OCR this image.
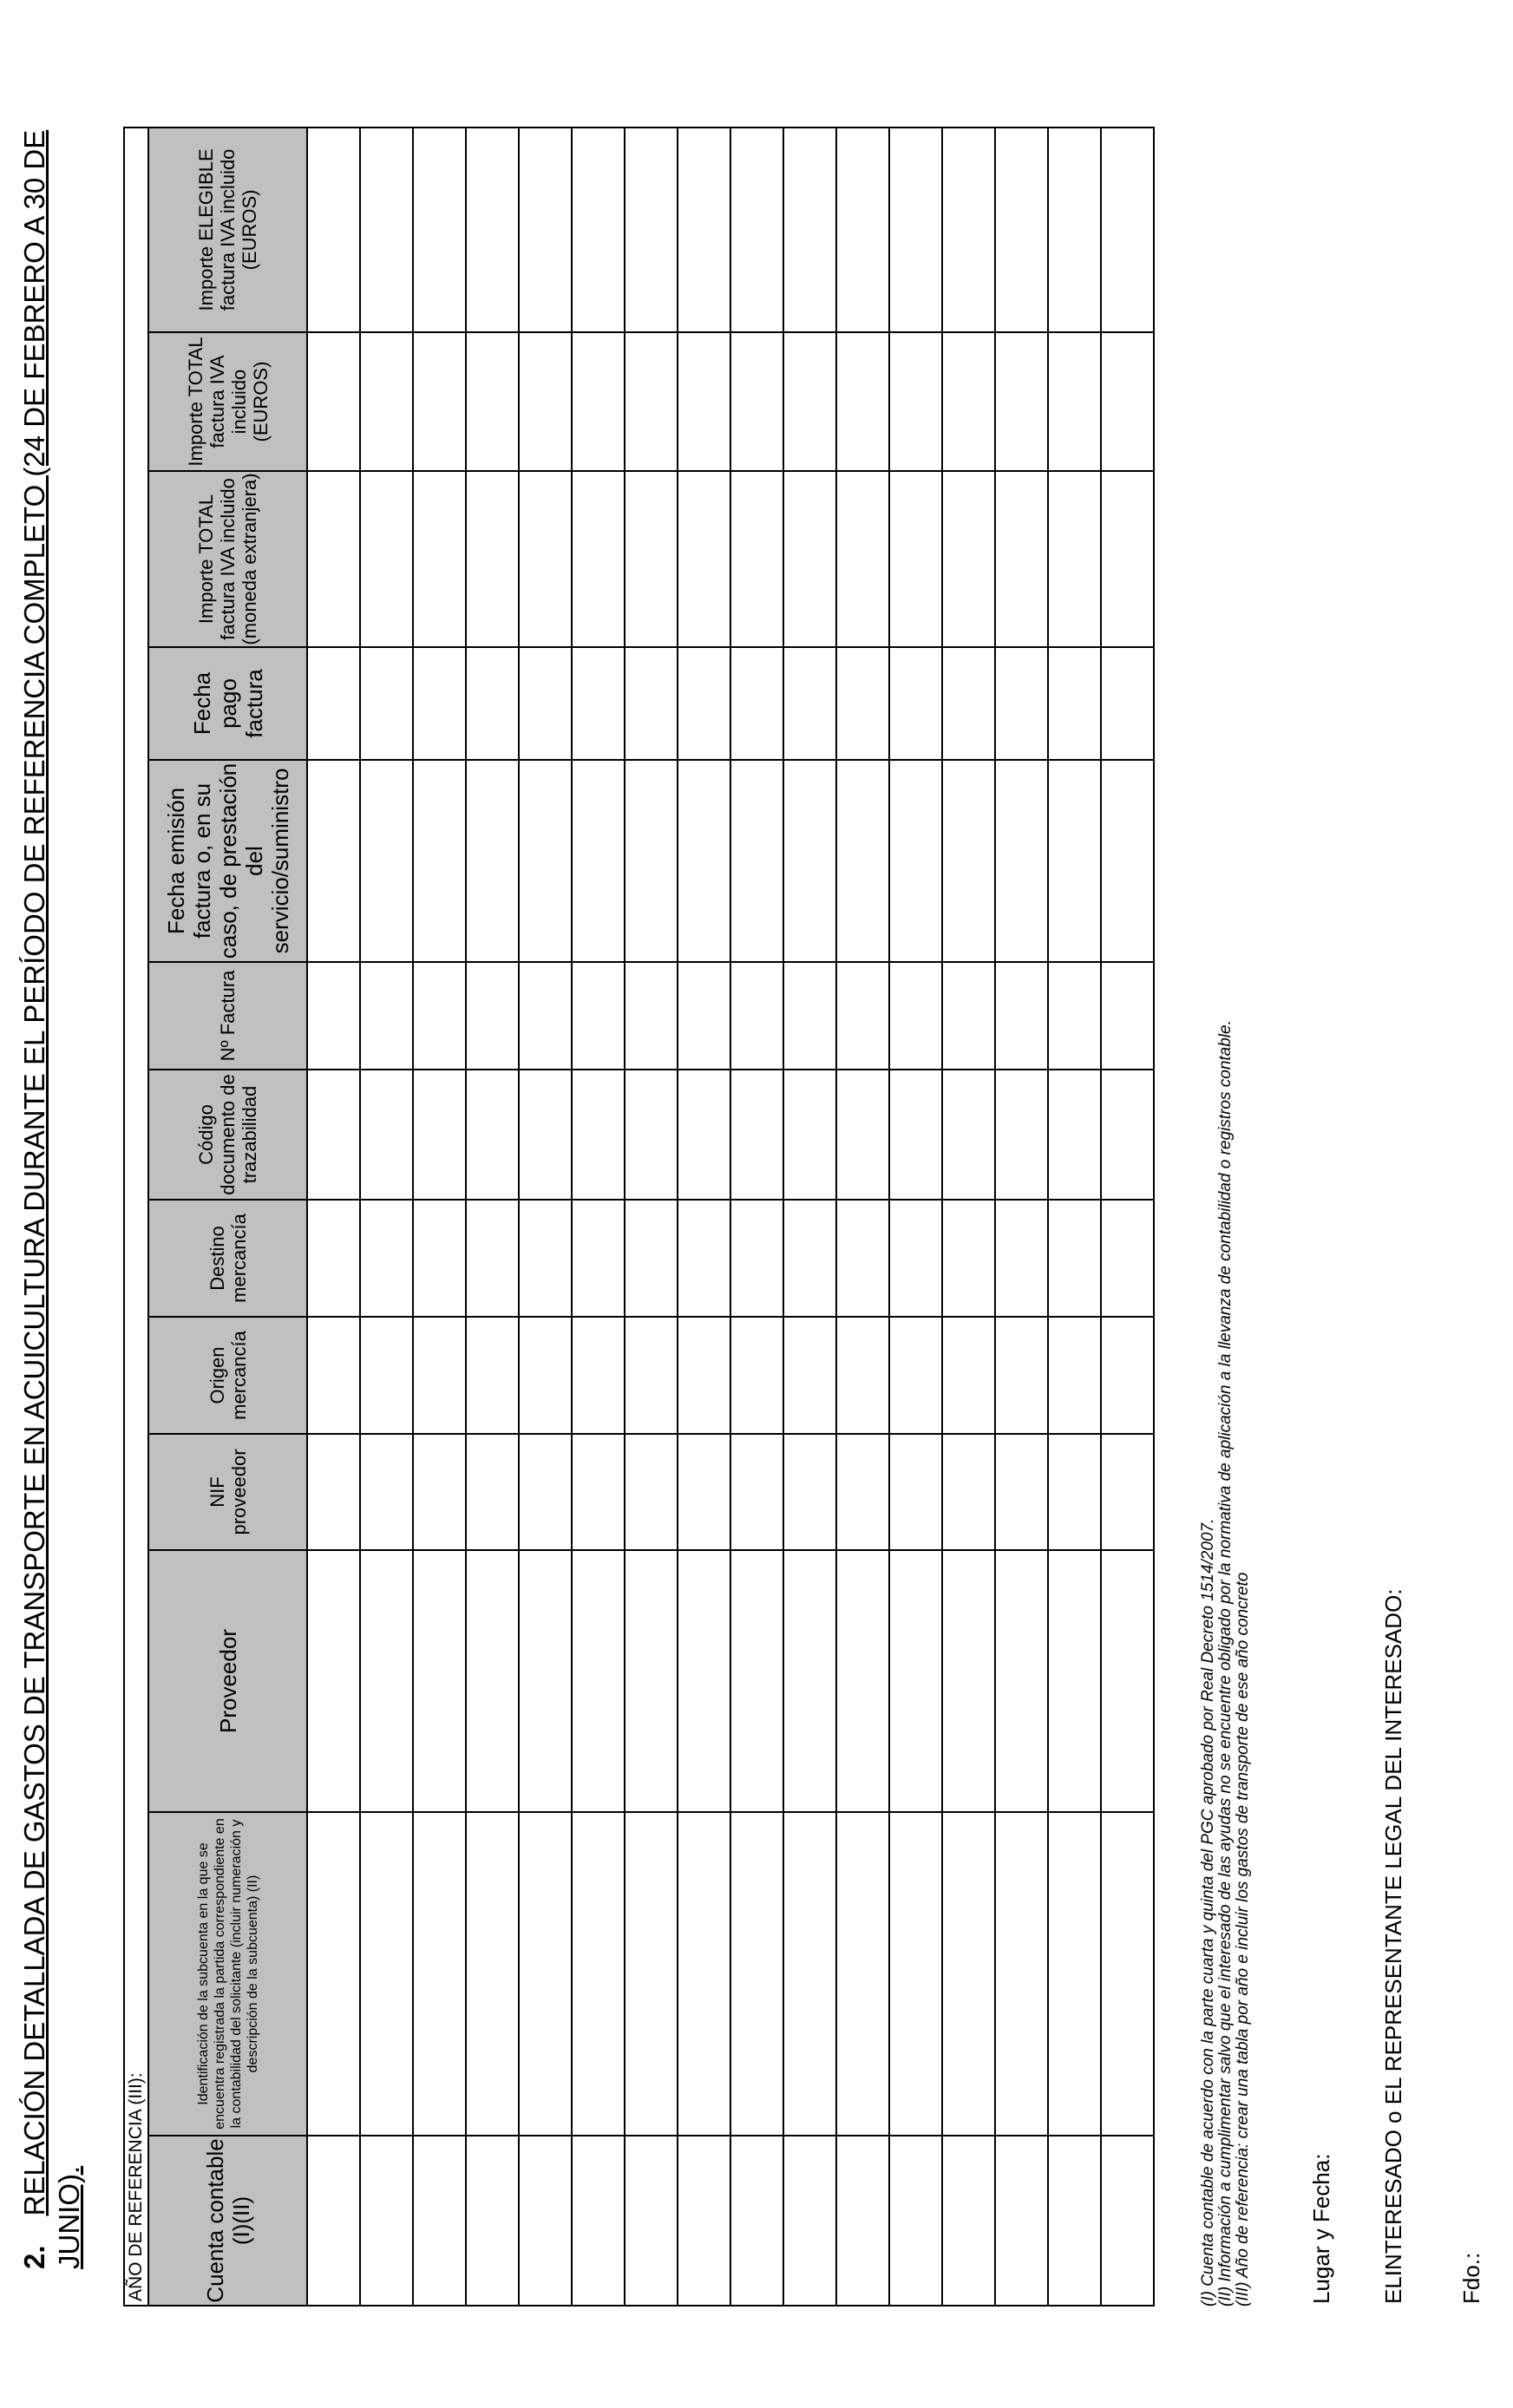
2.RELACIÓN DETALLADA DE GASTOS DE TRANSPORTE EN ACUICULTURA DURANTE EL PERÍODO DE REFERENCIA COMPLETO (24 DE FEBRERO A 30 DE JUNIO). AÑO DE REFERENCIA (III):												
Cuenta contable (I)(II)	Identificación de la subcuenta en la que se encuentra registrada la partida correspondiente en la contabilidad del solicitante (incluir numeración y descripción de la subcuenta) (II)	Proveedor	NIF proveedor	Origen mercancía	Destino mercancía	Código documento de trazabilidad	Nº Factura	Fecha emisión factura o, en su caso, de prestación del servicio/suministro	Fecha pago factura	Importe TOTAL factura IVA incluido (moneda extranjera)	Importe TOTAL factura IVA incluido (EUROS)	Importe ELEGIBLE factura IVA incluido (EUROS)

(I) Cuenta contable de acuerdo con la parte cuarta y quinta del PGC aprobado por Real Decreto 1514/2007. (II) Información a cumplimentar salvo que el interesado de las ayudas no se encuentre obligado por la normativa de aplicación a la llevanza de contabilidad o registros contable. (III) Año de referencia: crear una tabla por año e incluir los gastos de transporte de ese año concreto	Lugar y Fecha: ELINTERESADO o EL REPRESENTANTE LEGAL DEL INTERESADO: Fdo.:
